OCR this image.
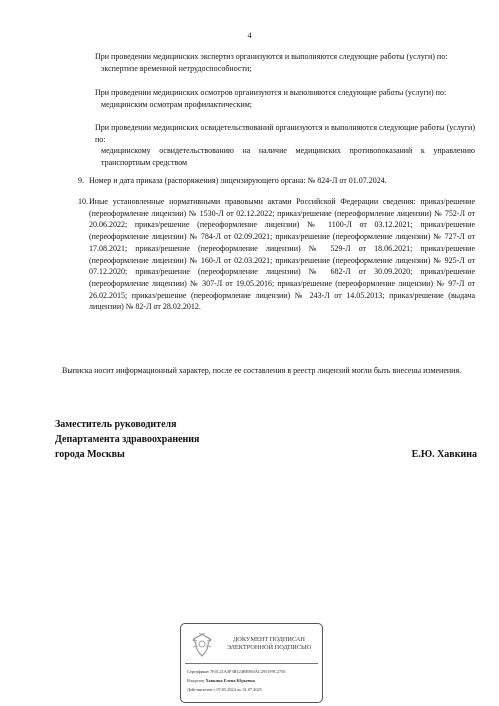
4
При проведении медицинских экспертиз организуются и выполняются следующие работы (услуги) по:
экспертизе временной нетрудоспособности;
При проведении медицинских осмотров организуются и выполняются следующие работы (услуги) по:
медицинским осмотрам профилактическим;
При проведении медицинских освидетельствований организуются и выполняются следующие работы (услуги) по:
медицинскому освидетельствованию на наличие медицинских противопоказаний к управлению транспортным средством
9. Номер и дата приказа (распоряжения) лицензирующего органа: № 824-Л от 01.07.2024.
10. Иные установленные нормативными правовыми актами Российской Федерации сведения: приказ/решение (переоформление лицензии) № 1530-Л от 02.12.2022; приказ/решение (переоформление лицензии) № 752-Л от 20.06.2022; приказ/решение (переоформление лицензии) № 1100-Л от 03.12.2021; приказ/решение (переоформление лицензии) № 784-Л от 02.09.2021; приказ/решение (переоформление лицензии) № 727-Л от 17.08.2021; приказ/решение (переоформление лицензии) № 529-Л от 18.06.2021; приказ/решение (переоформление лицензии) № 160-Л от 02.03.2021; приказ/решение (переоформление лицензии) № 925-Л от 07.12.2020; приказ/решение (переоформление лицензии) № 682-Л от 30.09.2020; приказ/решение (переоформление лицензии) № 307-Л от 19.05.2016; приказ/решение (переоформление лицензии) № 97-Л от 26.02.2015; приказ/решение (переоформление лицензии) № 243-Л от 14.05.2013; приказ/решение (выдача лицензии) № 82-Л от 28.02.2012.
Выписка носит информационный характер, после ее составления в реестр лицензий могли быть внесены изменения.
Заместитель руководителя
Департамента здравоохранения
города Москвы	Е.Ю. Хавкина
ДОКУМЕНТ ПОДПИСАН
ЭЛЕКТРОННОЙ ПОДПИСЬЮ
Сертификат 7F4C21A3F3B124BE883AC2951F9C2750
Владелец Хавкина Елена Юрьевна
Действителен с 07.05.2024 по 31.07.2025
